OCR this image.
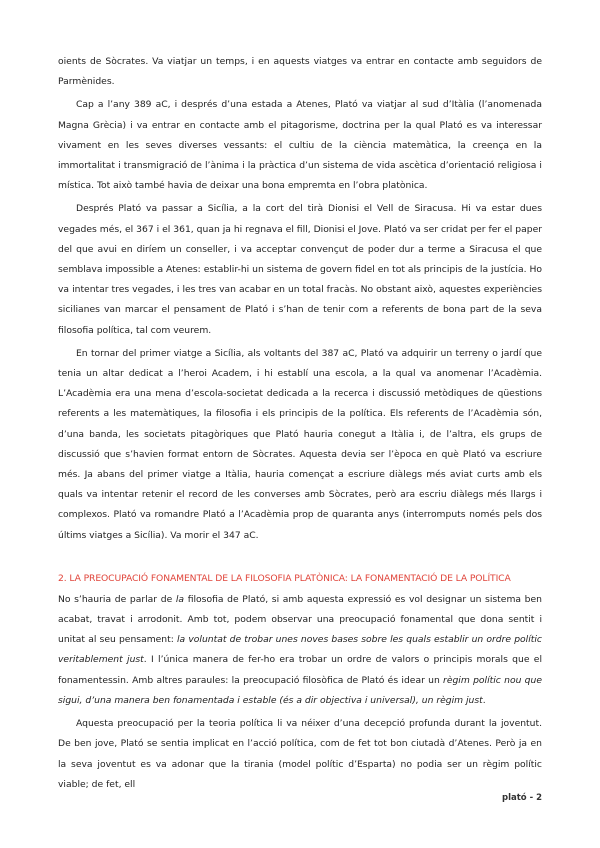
oients de Sòcrates. Va viatjar un temps, i en aquests viatges va entrar en contacte amb seguidors de Parmènides.

Cap a l’any 389 aC, i després d’una estada a Atenes, Plató va viatjar al sud d’Itàlia (l’anomenada Magna Grècia) i va entrar en contacte amb el pitagorisme, doctrina per la qual Plató es va interessar vivament en les seves diverses vessants: el cultiu de la ciència matemàtica, la creença en la immortalitat i transmigració de l’ànima i la pràctica d’un sistema de vida ascètica d’orientació religiosa i mística. Tot això també havia de deixar una bona empremta en l’obra platònica.

Després Plató va passar a Sicília, a la cort del tirà Dionisi el Vell de Siracusa. Hi va estar dues vegades més, el 367 i el 361, quan ja hi regnava el fill, Dionisi el Jove. Plató va ser cridat per fer el paper del que avui en diríem un conseller, i va acceptar convençut de poder dur a terme a Siracusa el que semblava impossible a Atenes: establir-hi un sistema de govern fidel en tot als principis de la justícia. Ho va intentar tres vegades, i les tres van acabar en un total fracàs. No obstant això, aquestes experiències sicilianes van marcar el pensament de Plató i s’han de tenir com a referents de bona part de la seva filosofia política, tal com veurem.

En tornar del primer viatge a Sicília, als voltants del 387 aC, Plató va adquirir un terreny o jardí que tenia un altar dedicat a l’heroi Academ, i hi establí una escola, a la qual va anomenar l’Acadèmia. L’Acadèmia era una mena d’escola-societat dedicada a la recerca i discussió metòdiques de qüestions referents a les matemàtiques, la filosofia i els principis de la política. Els referents de l’Acadèmia són, d’una banda, les societats pitagòriques que Plató hauria conegut a Itàlia i, de l’altra, els grups de discussió que s’havien format entorn de Sòcrates. Aquesta devia ser l’època en què Plató va escriure més. Ja abans del primer viatge a Itàlia, hauria començat a escriure diàlegs més aviat curts amb els quals va intentar retenir el record de les converses amb Sòcrates, però ara escriu diàlegs més llargs i complexos. Plató va romandre Plató a l’Acadèmia prop de quaranta anys (interromputs només pels dos últims viatges a Sicília). Va morir el 347 aC.

2. LA PREOCUPACIÓ FONAMENTAL DE LA FILOSOFIA PLATÒNICA: LA FONAMENTACIÓ DE LA POLÍTICA

No s’hauria de parlar de la filosofia de Plató, si amb aquesta expressió es vol designar un sistema ben acabat, travat i arrodonit. Amb tot, podem observar una preocupació fonamental que dona sentit i unitat al seu pensament: la voluntat de trobar unes noves bases sobre les quals establir un ordre polític veritablement just. I l’única manera de fer-ho era trobar un ordre de valors o principis morals que el fonamentessin. Amb altres paraules: la preocupació filosòfica de Plató és idear un règim polític nou que sigui, d’una manera ben fonamentada i estable (és a dir objectiva i universal), un règim just.

Aquesta preocupació per la teoria política li va néixer d’una decepció profunda durant la joventut. De ben jove, Plató se sentia implicat en l’acció política, com de fet tot bon ciutadà d’Atenes. Però ja en la seva joventut es va adonar que la tirania (model polític d’Esparta) no podia ser un règim polític viable; de fet, ell

plató - 2
